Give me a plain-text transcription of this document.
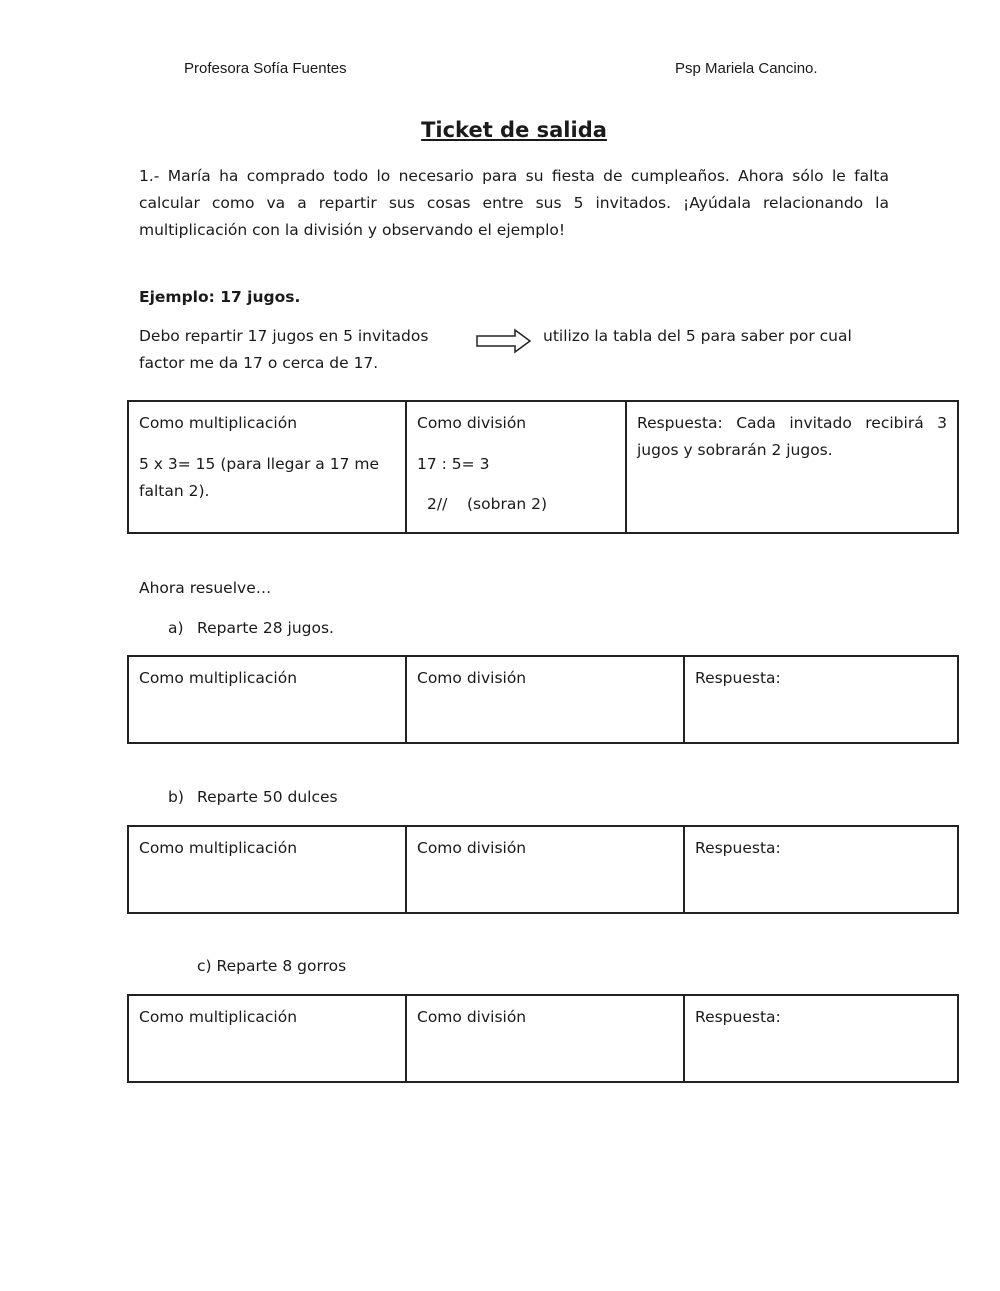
Profesora Sofía Fuentes	Psp Mariela Cancino.
Ticket de salida
1.- María ha comprado todo lo necesario para su fiesta de cumpleaños. Ahora sólo le falta calcular como va a repartir sus cosas entre sus 5 invitados. ¡Ayúdala relacionando la multiplicación con la división y observando el ejemplo!
Ejemplo: 17 jugos.
Debo repartir 17 jugos en 5 invitados	utilizo la tabla del 5 para saber por cual
factor me da 17 o cerca de 17.
Como multiplicación
5 x 3= 15 (para llegar a 17 me faltan 2).

Como división
17 : 5= 3
2//    (sobran 2)

Respuesta: Cada invitado recibirá 3 jugos y sobrarán 2 jugos.
Ahora resuelve…
a) Reparte 28 jugos.
Como multiplicación	Como división	Respuesta:
b) Reparte 50 dulces
Como multiplicación	Como división	Respuesta:
c) Reparte 8 gorros
Como multiplicación	Como división	Respuesta:
